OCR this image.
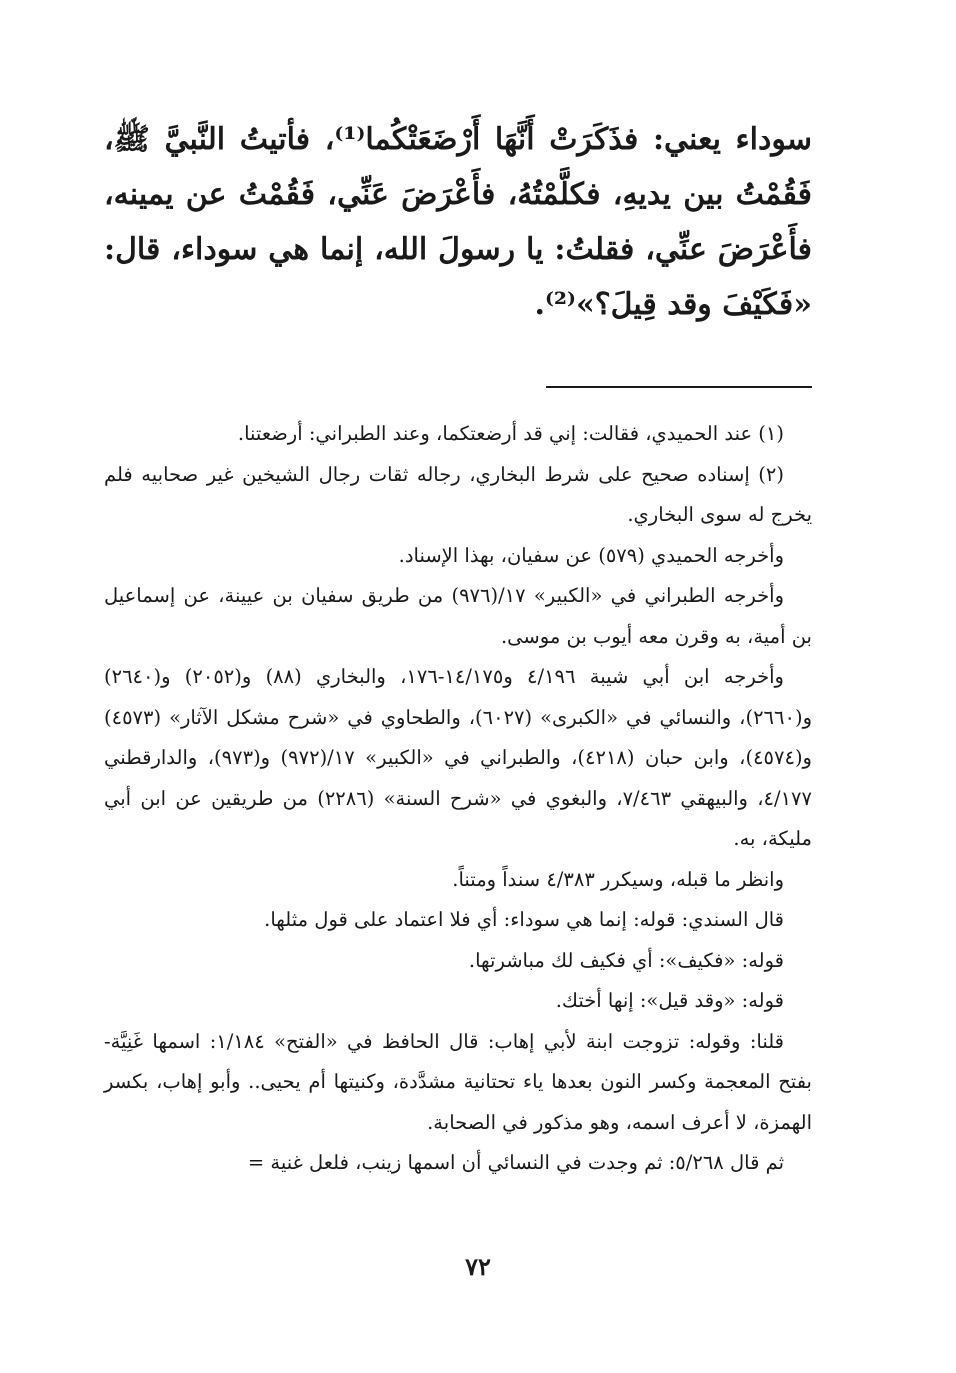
سوداء يعني: فذَكَرَتْ أَنَّهَا أَرْضَعَتْكُما⁽¹⁾، فأتيتُ النَّبيَّ ﷺ، فَقُمْتُ بين يديهِ، فكلَّمْتُهُ، فأَعْرَضَ عَنِّي، فَقُمْتُ عن يمينه، فأَعْرَضَ عنِّي، فقلتُ: يا رسولَ الله، إنما هي سوداء، قال: «فَكَيْفَ وقد قِيلَ؟»⁽²⁾.

(١) عند الحميدي، فقالت: إني قد أرضعتكما، وعند الطبراني: أرضعتنا.

(٢) إسناده صحيح على شرط البخاري، رجاله ثقات رجال الشيخين غير صحابيه فلم يخرج له سوى البخاري.

وأخرجه الحميدي (٥٧٩) عن سفيان، بهذا الإسناد.

وأخرجه الطبراني في «الكبير» ١٧/(٩٧٦) من طريق سفيان بن عيينة، عن إسماعيل بن أمية، به وقرن معه أيوب بن موسى.

وأخرجه ابن أبي شيبة ٤/١٩٦ و١٤/١٧٥-١٧٦، والبخاري (٨٨) و(٢٠٥٢) و(٢٦٤٠) و(٢٦٦٠)، والنسائي في «الكبرى» (٦٠٢٧)، والطحاوي في «شرح مشكل الآثار» (٤٥٧٣) و(٤٥٧٤)، وابن حبان (٤٢١٨)، والطبراني في «الكبير» ١٧/(٩٧٢) و(٩٧٣)، والدارقطني ٤/١٧٧، والبيهقي ٧/٤٦٣، والبغوي في «شرح السنة» (٢٢٨٦) من طريقين عن ابن أبي مليكة، به.

وانظر ما قبله، وسيكرر ٤/٣٨٣ سنداً ومتناً.

قال السندي: قوله: إنما هي سوداء: أي فلا اعتماد على قول مثلها.

قوله: «فكيف»: أي فكيف لك مباشرتها.

قوله: «وقد قيل»: إنها أختك.

قلنا: وقوله: تزوجت ابنة لأبي إهاب: قال الحافظ في «الفتح» ١/١٨٤: اسمها غَنِيَّة- بفتح المعجمة وكسر النون بعدها ياء تحتانية مشدَّدة، وكنيتها أم يحيى.. وأبو إهاب، بكسر الهمزة، لا أعرف اسمه، وهو مذكور في الصحابة.

ثم قال ٥/٢٦٨: ثم وجدت في النسائي أن اسمها زينب، فلعل غنية =

٧٢
